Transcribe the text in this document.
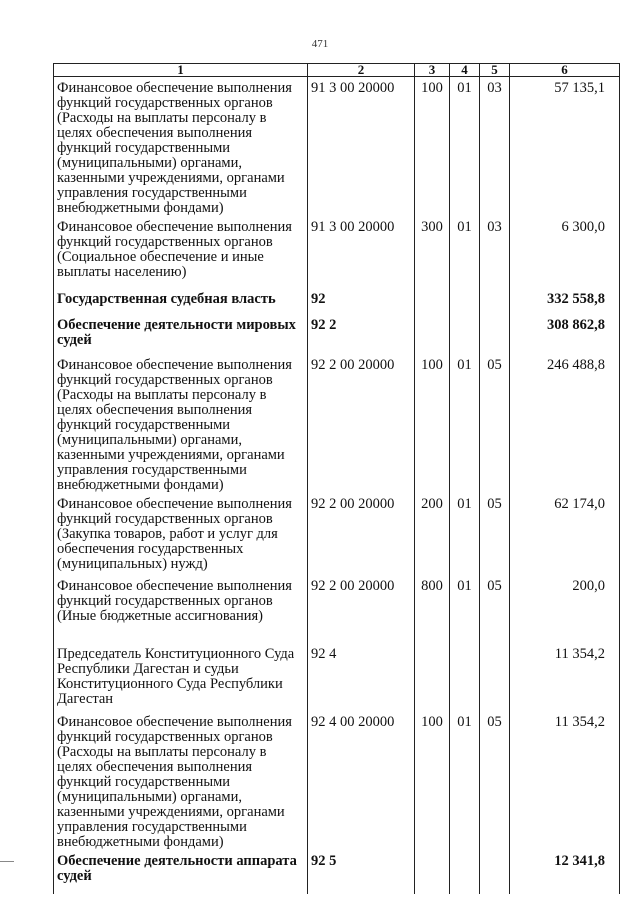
471
1	2	3	4	5	6
Финансовое обеспечение выполнения функций государственных органов (Расходы на выплаты персоналу в целях обеспечения выполнения функций государственными (муниципальными) органами, казенными учреждениями, органами управления государственными внебюджетными фондами)	91 3 00 20000	100	01	03	57 135,1
Финансовое обеспечение выполнения функций государственных органов (Социальное обеспечение и иные выплаты населению)	91 3 00 20000	300	01	03	6 300,0
Государственная судебная власть	92				332 558,8
Обеспечение деятельности мировых судей	92 2				308 862,8
Финансовое обеспечение выполнения функций государственных органов (Расходы на выплаты персоналу в целях обеспечения выполнения функций государственными (муниципальными) органами, казенными учреждениями, органами управления государственными внебюджетными фондами)	92 2 00 20000	100	01	05	246 488,8
Финансовое обеспечение выполнения функций государственных органов (Закупка товаров, работ и услуг для обеспечения государственных (муниципальных) нужд)	92 2 00 20000	200	01	05	62 174,0
Финансовое обеспечение выполнения функций государственных органов (Иные бюджетные ассигнования)	92 2 00 20000	800	01	05	200,0
Председатель Конституционного Суда Республики Дагестан и судьи Конституционного Суда Республики Дагестан	92 4				11 354,2
Финансовое обеспечение выполнения функций государственных органов (Расходы на выплаты персоналу в целях обеспечения выполнения функций государственными (муниципальными) органами, казенными учреждениями, органами управления государственными внебюджетными фондами)	92 4 00 20000	100	01	05	11 354,2
Обеспечение деятельности аппарата судей	92 5				12 341,8
